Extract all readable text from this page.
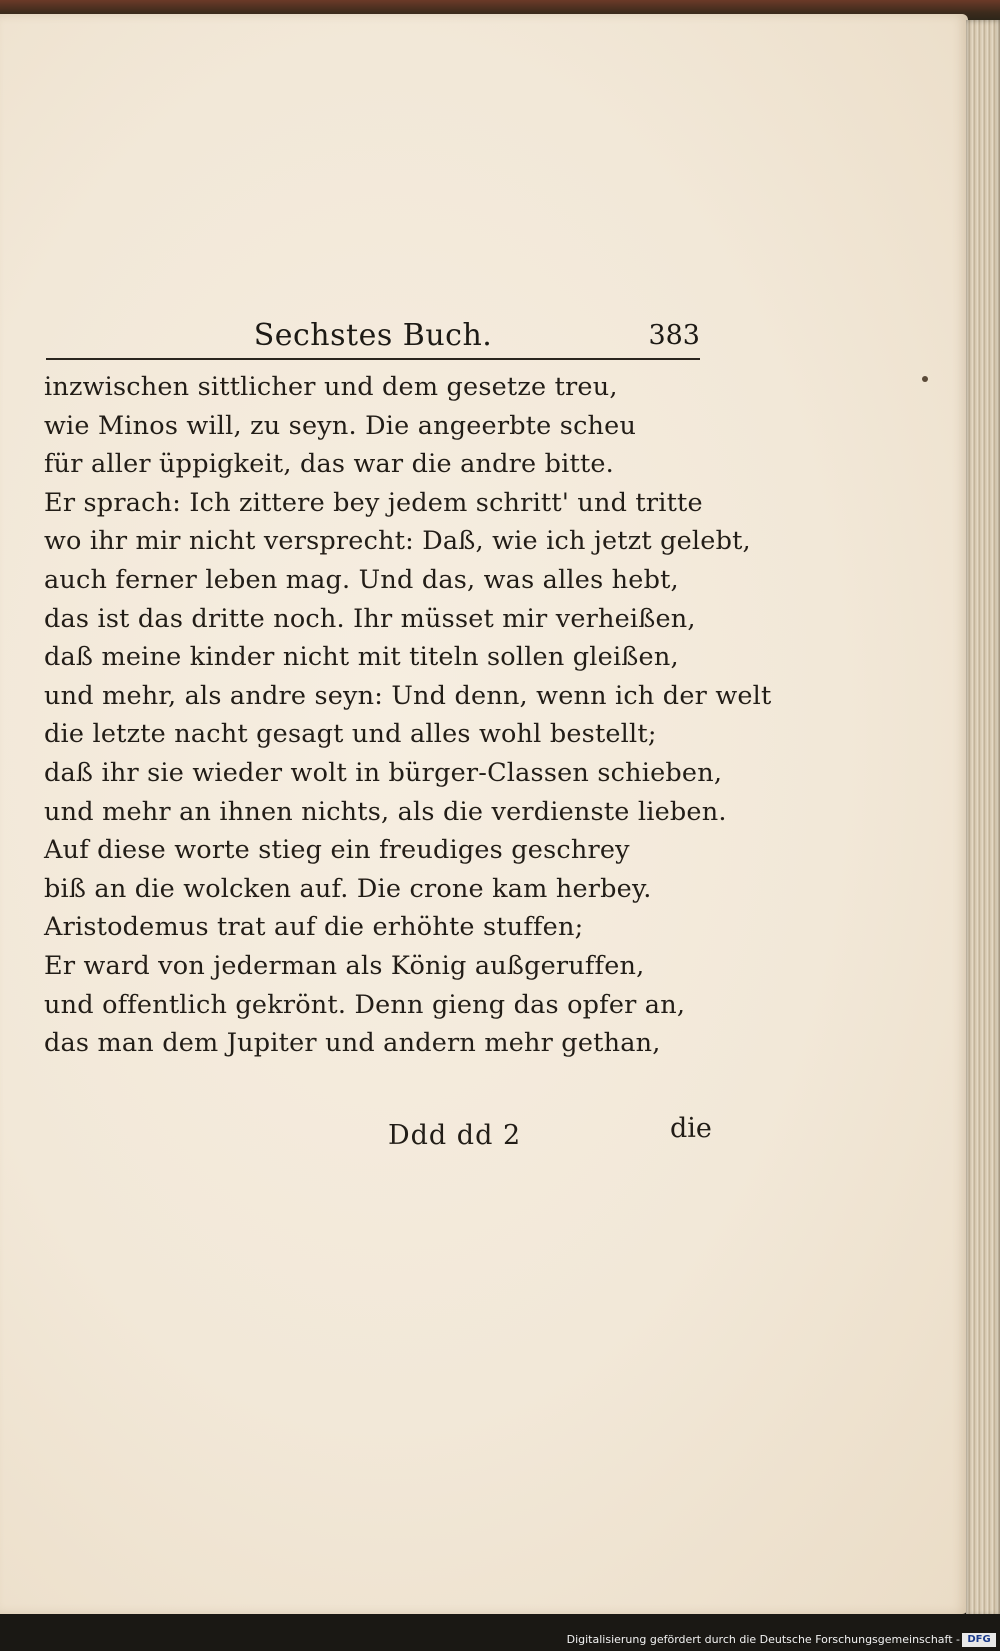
Sechstes Buch.	383
inzwischen sittlicher und dem gesetze treu,
wie Minos will, zu seyn. Die angeerbte scheu
für aller üppigkeit, das war die andre bitte.
Er sprach: Ich zittere bey jedem schritt' und tritte
wo ihr mir nicht versprecht: Daß, wie ich jetzt gelebt,
auch ferner leben mag. Und das, was alles hebt,
das ist das dritte noch. Ihr müsset mir verheißen,
daß meine kinder nicht mit titeln sollen gleißen,
und mehr, als andre seyn: Und denn, wenn ich der welt
die letzte nacht gesagt und alles wohl bestellt;
daß ihr sie wieder wolt in bürger-Classen schieben,
und mehr an ihnen nichts, als die verdienste lieben.
Auf diese worte stieg ein freudiges geschrey
biß an die wolcken auf. Die crone kam herbey.
Aristodemus trat auf die erhöhte stuffen;
Er ward von jederman als König außgeruffen,
und offentlich gekrönt. Denn gieng das opfer an,
das man dem Jupiter und andern mehr gethan,
Ddd dd 2	die
Digitalisierung gefördert durch die Deutsche Forschungsgemeinschaft - DFG
